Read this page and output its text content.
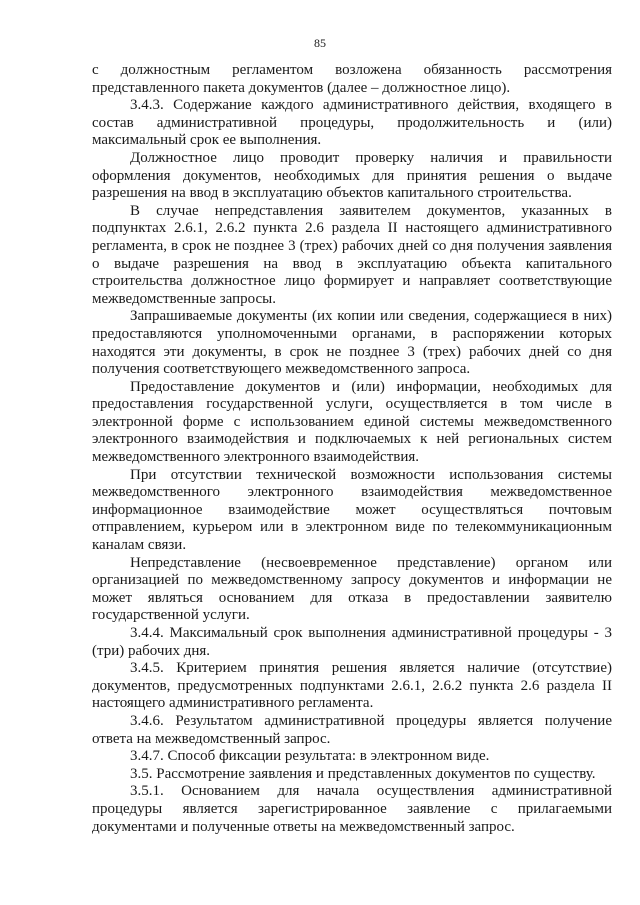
85

с должностным регламентом возложена обязанность рассмотрения представленного пакета документов (далее – должностное лицо).

3.4.3. Содержание каждого административного действия, входящего в состав административной процедуры, продолжительность и (или) максимальный срок ее выполнения.

Должностное лицо проводит проверку наличия и правильности оформления документов, необходимых для принятия решения о выдаче разрешения на ввод в эксплуатацию объектов капитального строительства.

В случае непредставления заявителем документов, указанных в подпунктах 2.6.1, 2.6.2 пункта 2.6 раздела II настоящего административного регламента, в срок не позднее 3 (трех) рабочих дней со дня получения заявления о выдаче разрешения на ввод в эксплуатацию объекта капитального строительства должностное лицо формирует и направляет соответствующие межведомственные запросы.

Запрашиваемые документы (их копии или сведения, содержащиеся в них) предоставляются уполномоченными органами, в распоряжении которых находятся эти документы, в срок не позднее 3 (трех) рабочих дней со дня получения соответствующего межведомственного запроса.

Предоставление документов и (или) информации, необходимых для предоставления государственной услуги, осуществляется в том числе в электронной форме с использованием единой системы межведомственного электронного взаимодействия и подключаемых к ней региональных систем межведомственного электронного взаимодействия.

При отсутствии технической возможности использования системы межведомственного электронного взаимодействия межведомственное информационное взаимодействие может осуществляться почтовым отправлением, курьером или в электронном виде по телекоммуникационным каналам связи.

Непредставление (несвоевременное представление) органом или организацией по межведомственному запросу документов и информации не может являться основанием для отказа в предоставлении заявителю государственной услуги.

3.4.4. Максимальный срок выполнения административной процедуры - 3 (три) рабочих дня.

3.4.5. Критерием принятия решения является наличие (отсутствие) документов, предусмотренных подпунктами 2.6.1, 2.6.2 пункта 2.6 раздела II настоящего административного регламента.

3.4.6. Результатом административной процедуры является получение ответа на межведомственный запрос.

3.4.7. Способ фиксации результата: в электронном виде.

3.5. Рассмотрение заявления и представленных документов по существу.

3.5.1. Основанием для начала осуществления административной процедуры является зарегистрированное заявление с прилагаемыми документами и полученные ответы на межведомственный запрос.
